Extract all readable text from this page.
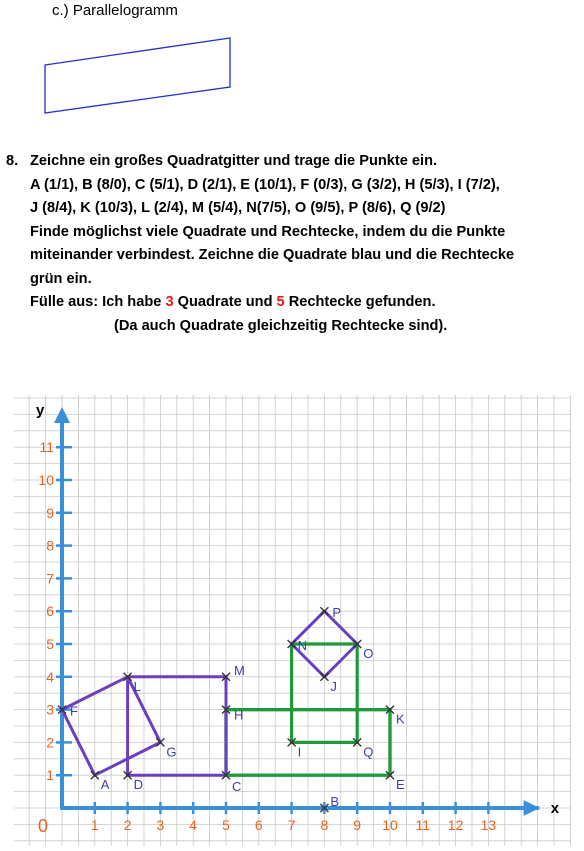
c.) Parallelogramm
8. Zeichne ein großes Quadratgitter und trage die Punkte ein.
A (1/1), B (8/0), C (5/1), D (2/1), E (10/1), F (0/3), G (3/2), H (5/3), I (7/2),
J (8/4), K (10/3), L (2/4), M (5/4), N(7/5), O (9/5), P (8/6), Q (9/2)
Finde möglichst viele Quadrate und Rechtecke, indem du die Punkte
miteinander verbindest. Zeichne die Quadrate blau und die Rechtecke
grün ein.
Fülle aus: Ich habe 3 Quadrate und 5 Rechtecke gefunden.
(Da auch Quadrate gleichzeitig Rechtecke sind).
1 2 3 4 5 6 7 8 9 10 11 12 13
1
2
3
4
5
6
7
8
9
10
11
A
B
C
D	E
F
G
H
I
J
K
L
M
N
O
P
Q
x
y
0
